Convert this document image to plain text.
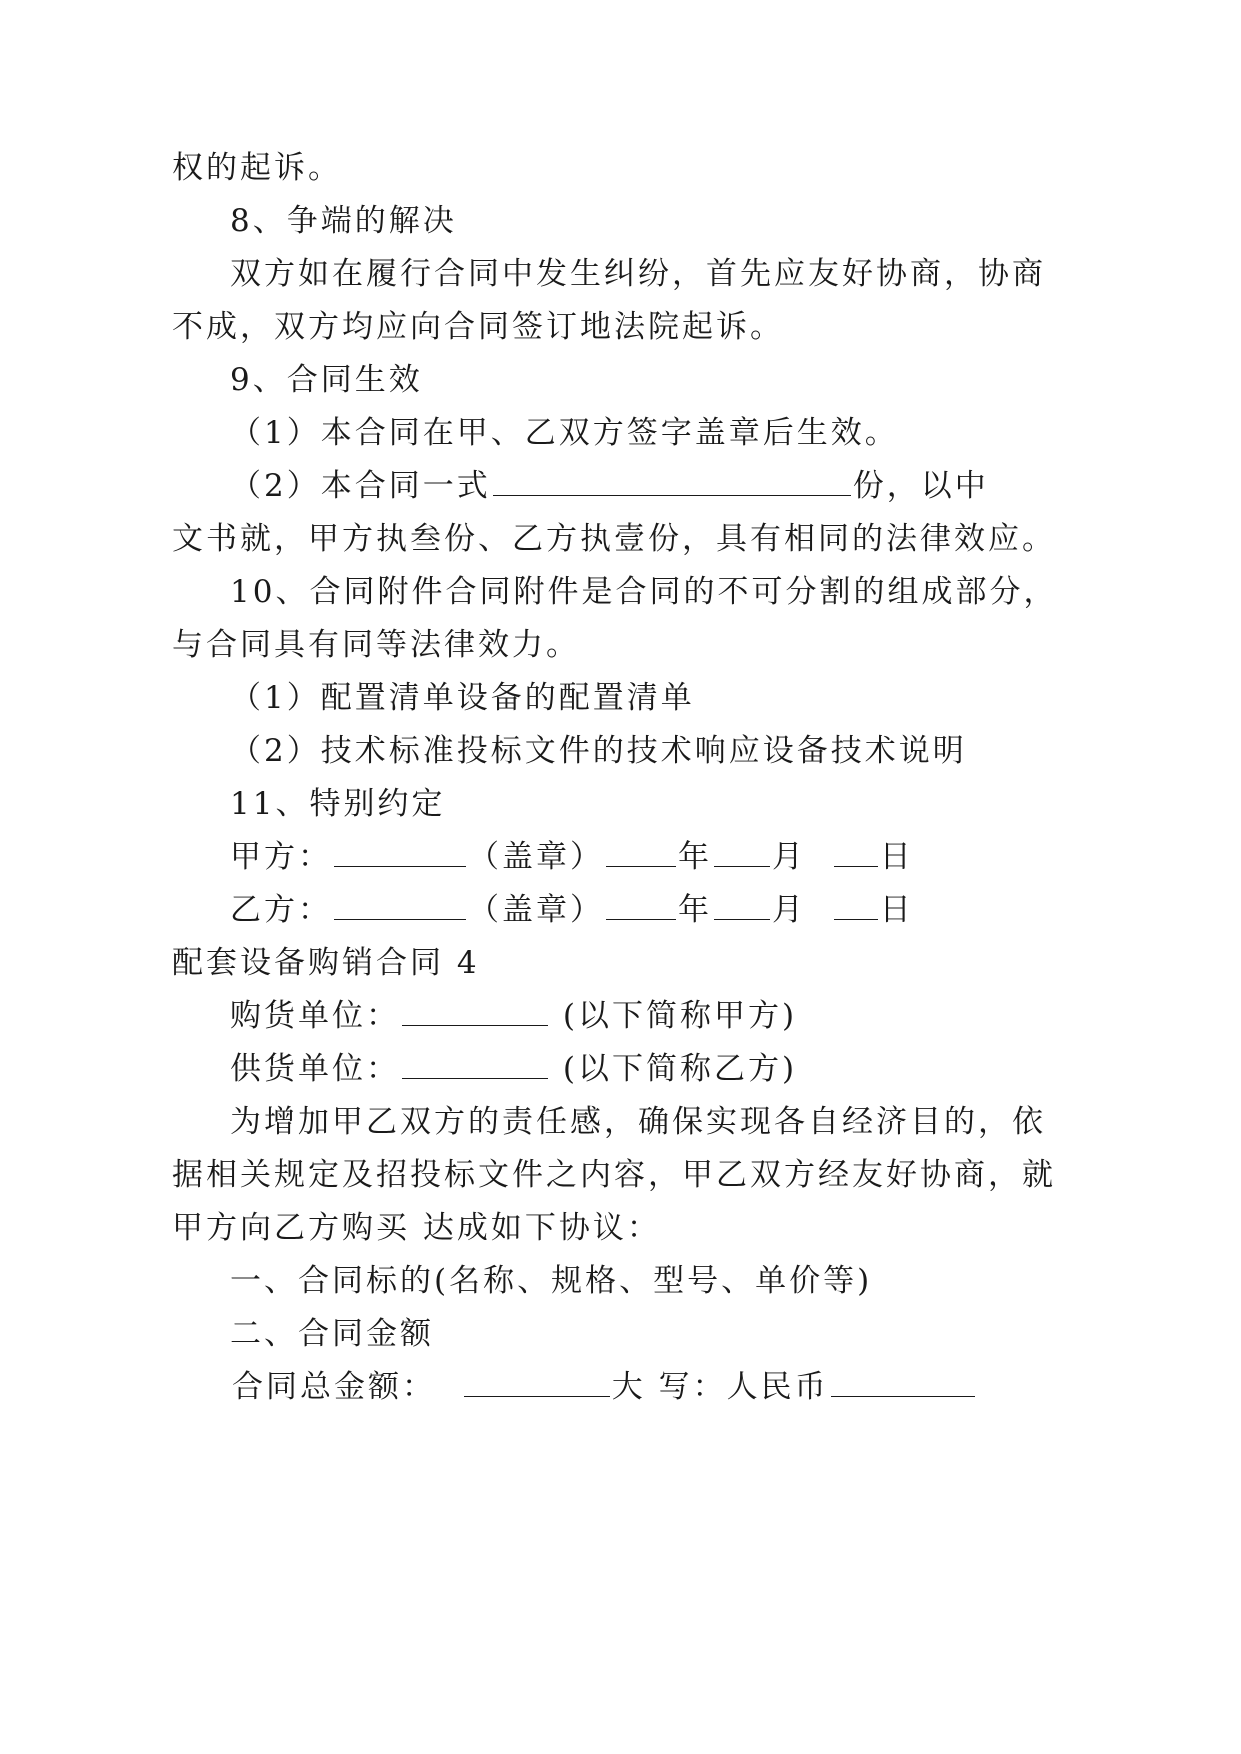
权的起诉。
8、争端的解决
双方如在履行合同中发生纠纷，首先应友好协商，协商
不成，双方均应向合同签订地法院起诉。
9、合同生效
（1）本合同在甲、乙双方签字盖章后生效。
（2）本合同一式	份，以中
文书就，甲方执叁份、乙方执壹份，具有相同的法律效应。
10、合同附件合同附件是合同的不可分割的组成部分，
与合同具有同等法律效力。
（1）配置清单设备的配置清单
（2）技术标准投标文件的技术响应设备技术说明
11、特别约定
甲方：	（盖章） 年 月 日
乙方：	（盖章） 年 月 日
配套设备购销合同 4
购货单位：	(以下简称甲方)
供货单位：	(以下简称乙方)
为增加甲乙双方的责任感，确保实现各自经济目的，依
据相关规定及招投标文件之内容，甲乙双方经友好协商，就
甲方向乙方购买 达成如下协议：
一、合同标的(名称、规格、型号、单价等)
二、合同金额
合同总金额：	大 写：人民币
